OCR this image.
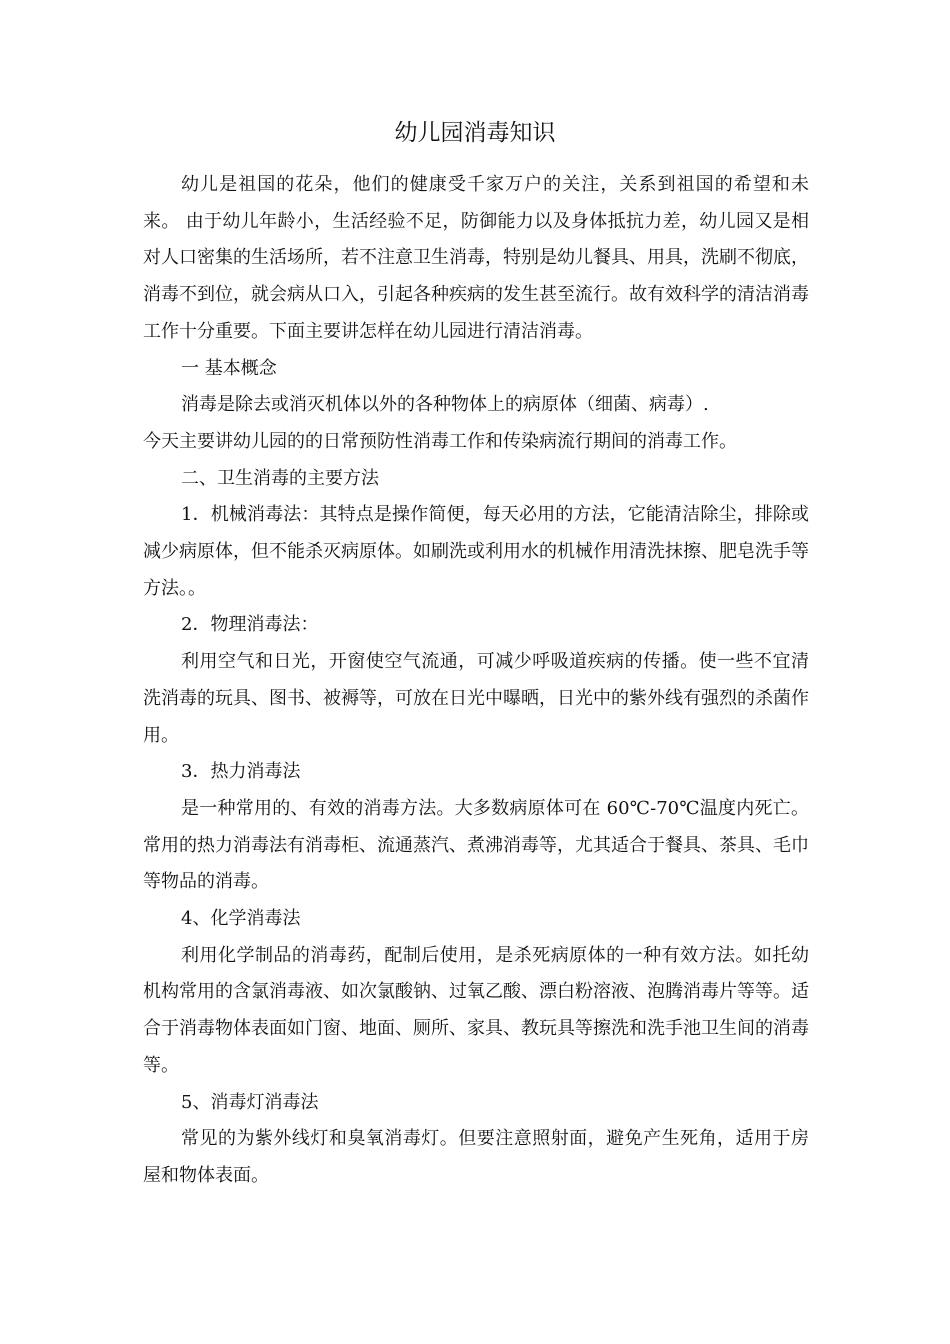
幼儿园消毒知识

幼儿是祖国的花朵，他们的健康受千家万户的关注，关系到祖国的希望和未来。 由于幼儿年龄小，生活经验不足，防御能力以及身体抵抗力差，幼儿园又是相对人口密集的生活场所，若不注意卫生消毒，特别是幼儿餐具、用具，洗刷不彻底，消毒不到位，就会病从口入，引起各种疾病的发生甚至流行。故有效科学的清洁消毒工作十分重要。下面主要讲怎样在幼儿园进行清洁消毒。

一 基本概念

消毒是除去或消灭机体以外的各种物体上的病原体（细菌、病毒）.

今天主要讲幼儿园的的日常预防性消毒工作和传染病流行期间的消毒工作。

二、卫生消毒的主要方法

1．机械消毒法：其特点是操作简便，每天必用的方法，它能清洁除尘，排除或减少病原体，但不能杀灭病原体。如刷洗或利用水的机械作用清洗抹擦、肥皂洗手等方法。。

2．物理消毒法：

利用空气和日光，开窗使空气流通，可减少呼吸道疾病的传播。使一些不宜清洗消毒的玩具、图书、被褥等，可放在日光中曝晒，日光中的紫外线有强烈的杀菌作用。

3．热力消毒法

是一种常用的、有效的消毒方法。大多数病原体可在 60℃-70℃温度内死亡。常用的热力消毒法有消毒柜、流通蒸汽、煮沸消毒等，尤其适合于餐具、茶具、毛巾等物品的消毒。

4、化学消毒法

利用化学制品的消毒药，配制后使用，是杀死病原体的一种有效方法。如托幼机构常用的含氯消毒液、如次氯酸钠、过氧乙酸、漂白粉溶液、泡腾消毒片等等。适合于消毒物体表面如门窗、地面、厕所、家具、教玩具等擦洗和洗手池卫生间的消毒等。

5、消毒灯消毒法

常见的为紫外线灯和臭氧消毒灯。但要注意照射面，避免产生死角，适用于房屋和物体表面。
